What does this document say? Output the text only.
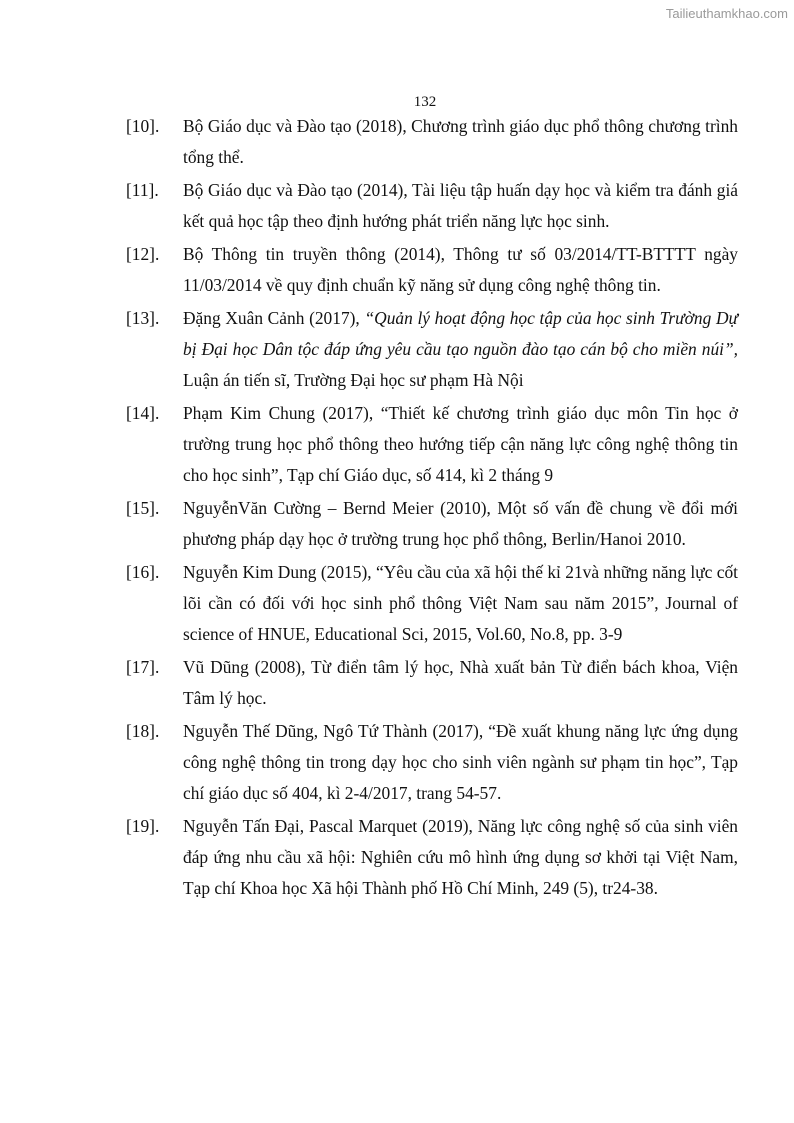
Tailieuthamkhao.com
132
[10].	Bộ Giáo dục và Đào tạo (2018), Chương trình giáo dục phổ thông chương trình tổng thể.
[11].	Bộ Giáo dục và Đào tạo (2014), Tài liệu tập huấn dạy học và kiểm tra đánh giá kết quả học tập theo định hướng phát triển năng lực học sinh.
[12].	Bộ Thông tin truyền thông (2014), Thông tư số 03/2014/TT-BTTTT ngày 11/03/2014 về quy định chuẩn kỹ năng sử dụng công nghệ thông tin.
[13].	Đặng Xuân Cảnh (2017), “Quản lý hoạt động học tập của học sinh Trường Dự bị Đại học Dân tộc đáp ứng yêu cầu tạo nguồn đào tạo cán bộ cho miền núi”, Luận án tiến sĩ, Trường Đại học sư phạm Hà Nội
[14].	Phạm Kim Chung (2017), “Thiết kế chương trình giáo dục môn Tin học ở trường trung học phổ thông theo hướng tiếp cận năng lực công nghệ thông tin cho học sinh”, Tạp chí Giáo dục, số 414, kì 2 tháng 9
[15].	NguyễnVăn Cường – Bernd Meier (2010), Một số vấn đề chung về đổi mới phương pháp dạy học ở trường trung học phổ thông, Berlin/Hanoi 2010.
[16].	Nguyễn Kim Dung (2015), “Yêu cầu của xã hội thế kỉ 21và những năng lực cốt lõi cần có đối với học sinh phổ thông Việt Nam sau năm 2015”, Journal of science of HNUE, Educational Sci, 2015, Vol.60, No.8, pp. 3-9
[17].	Vũ Dũng (2008), Từ điển tâm lý học, Nhà xuất bản Từ điển bách khoa, Viện Tâm lý học.
[18].	Nguyễn Thế Dũng, Ngô Tứ Thành (2017), “Đề xuất khung năng lực ứng dụng công nghệ thông tin trong dạy học cho sinh viên ngành sư phạm tin học”, Tạp chí giáo dục số 404, kì 2-4/2017, trang 54-57.
[19].	Nguyễn Tấn Đại, Pascal Marquet (2019), Năng lực công nghệ số của sinh viên đáp ứng nhu cầu xã hội: Nghiên cứu mô hình ứng dụng sơ khởi tại Việt Nam, Tạp chí Khoa học Xã hội Thành phố Hồ Chí Minh, 249 (5), tr24-38.
